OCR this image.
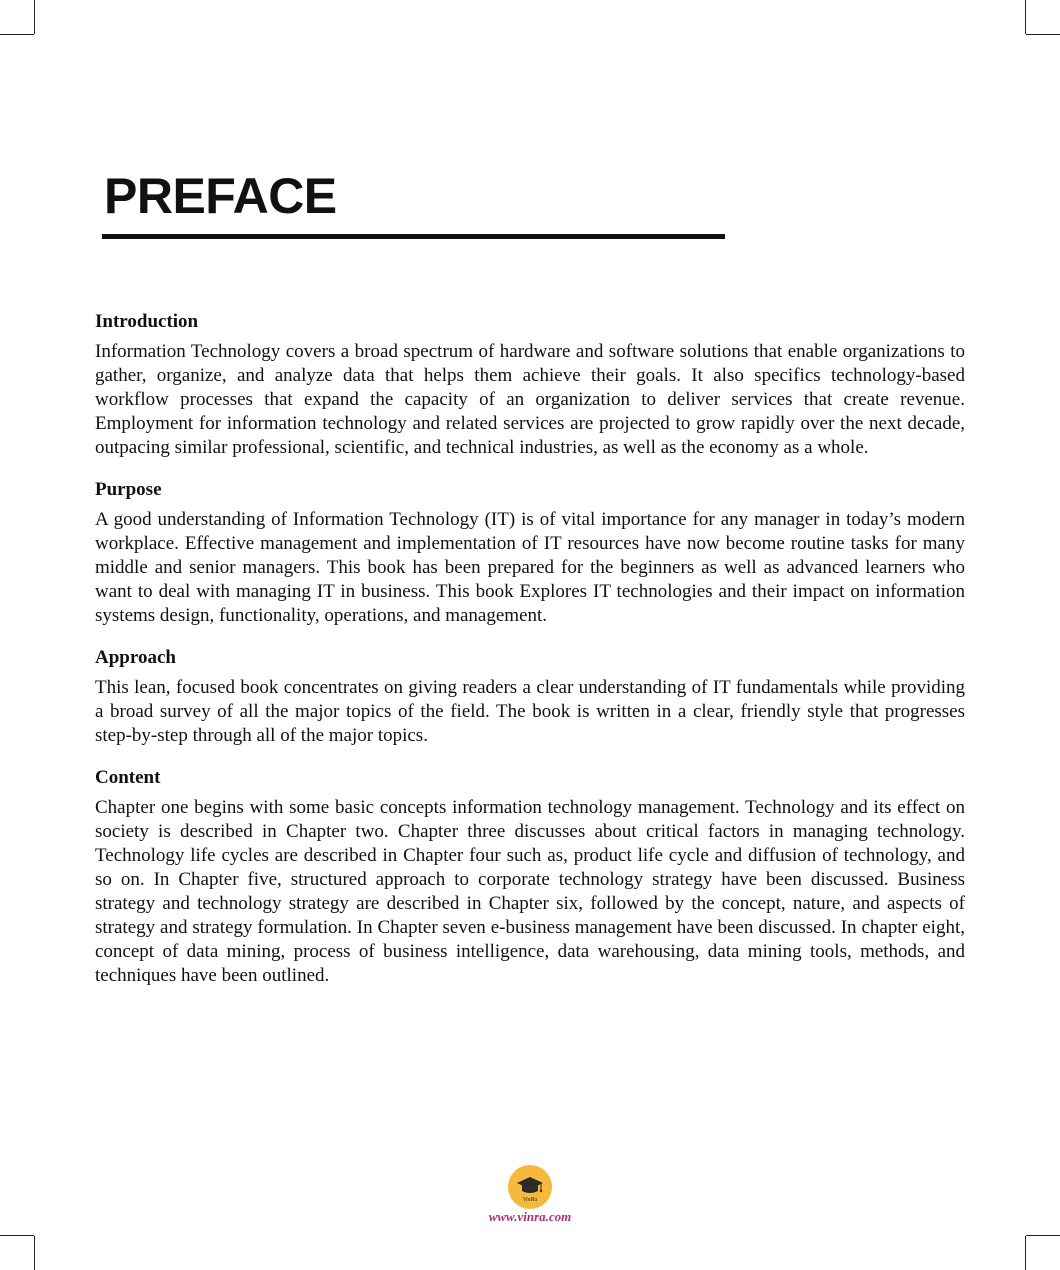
PREFACE
Introduction

Information Technology covers a broad spectrum of hardware and software solutions that enable organizations to gather, organize, and analyze data that helps them achieve their goals. It also specifics technology-based workflow processes that expand the capacity of an organization to deliver services that create revenue. Employment for information technology and related services are projected to grow rapidly over the next decade, outpacing similar professional, scientific, and technical industries, as well as the economy as a whole.

Purpose

A good understanding of Information Technology (IT) is of vital importance for any manager in today’s modern workplace. Effective management and implementation of IT resources have now become routine tasks for many middle and senior managers. This book has been prepared for the beginners as well as advanced learners who want to deal with managing IT in business. This book Explores IT technologies and their impact on information systems design, functionality, operations, and management.

Approach

This lean, focused book concentrates on giving readers a clear understanding of IT fundamentals while providing a broad survey of all the major topics of the field. The book is written in a clear, friendly style that progresses step-by-step through all of the major topics.

Content

Chapter one begins with some basic concepts information technology management. Technology and its effect on society is described in Chapter two. Chapter three discusses about critical factors in managing technology. Technology life cycles are described in Chapter four such as, product life cycle and diffusion of technology, and so on. In Chapter five, structured approach to corporate technology strategy have been discussed. Business strategy and technology strategy are described in Chapter six, followed by the concept, nature, and aspects of strategy and strategy formulation. In Chapter seven e-business management have been discussed. In chapter eight, concept of data mining, process of business intelligence, data warehousing, data mining tools, methods, and techniques have been outlined.

VinRa
www.vinra.com
